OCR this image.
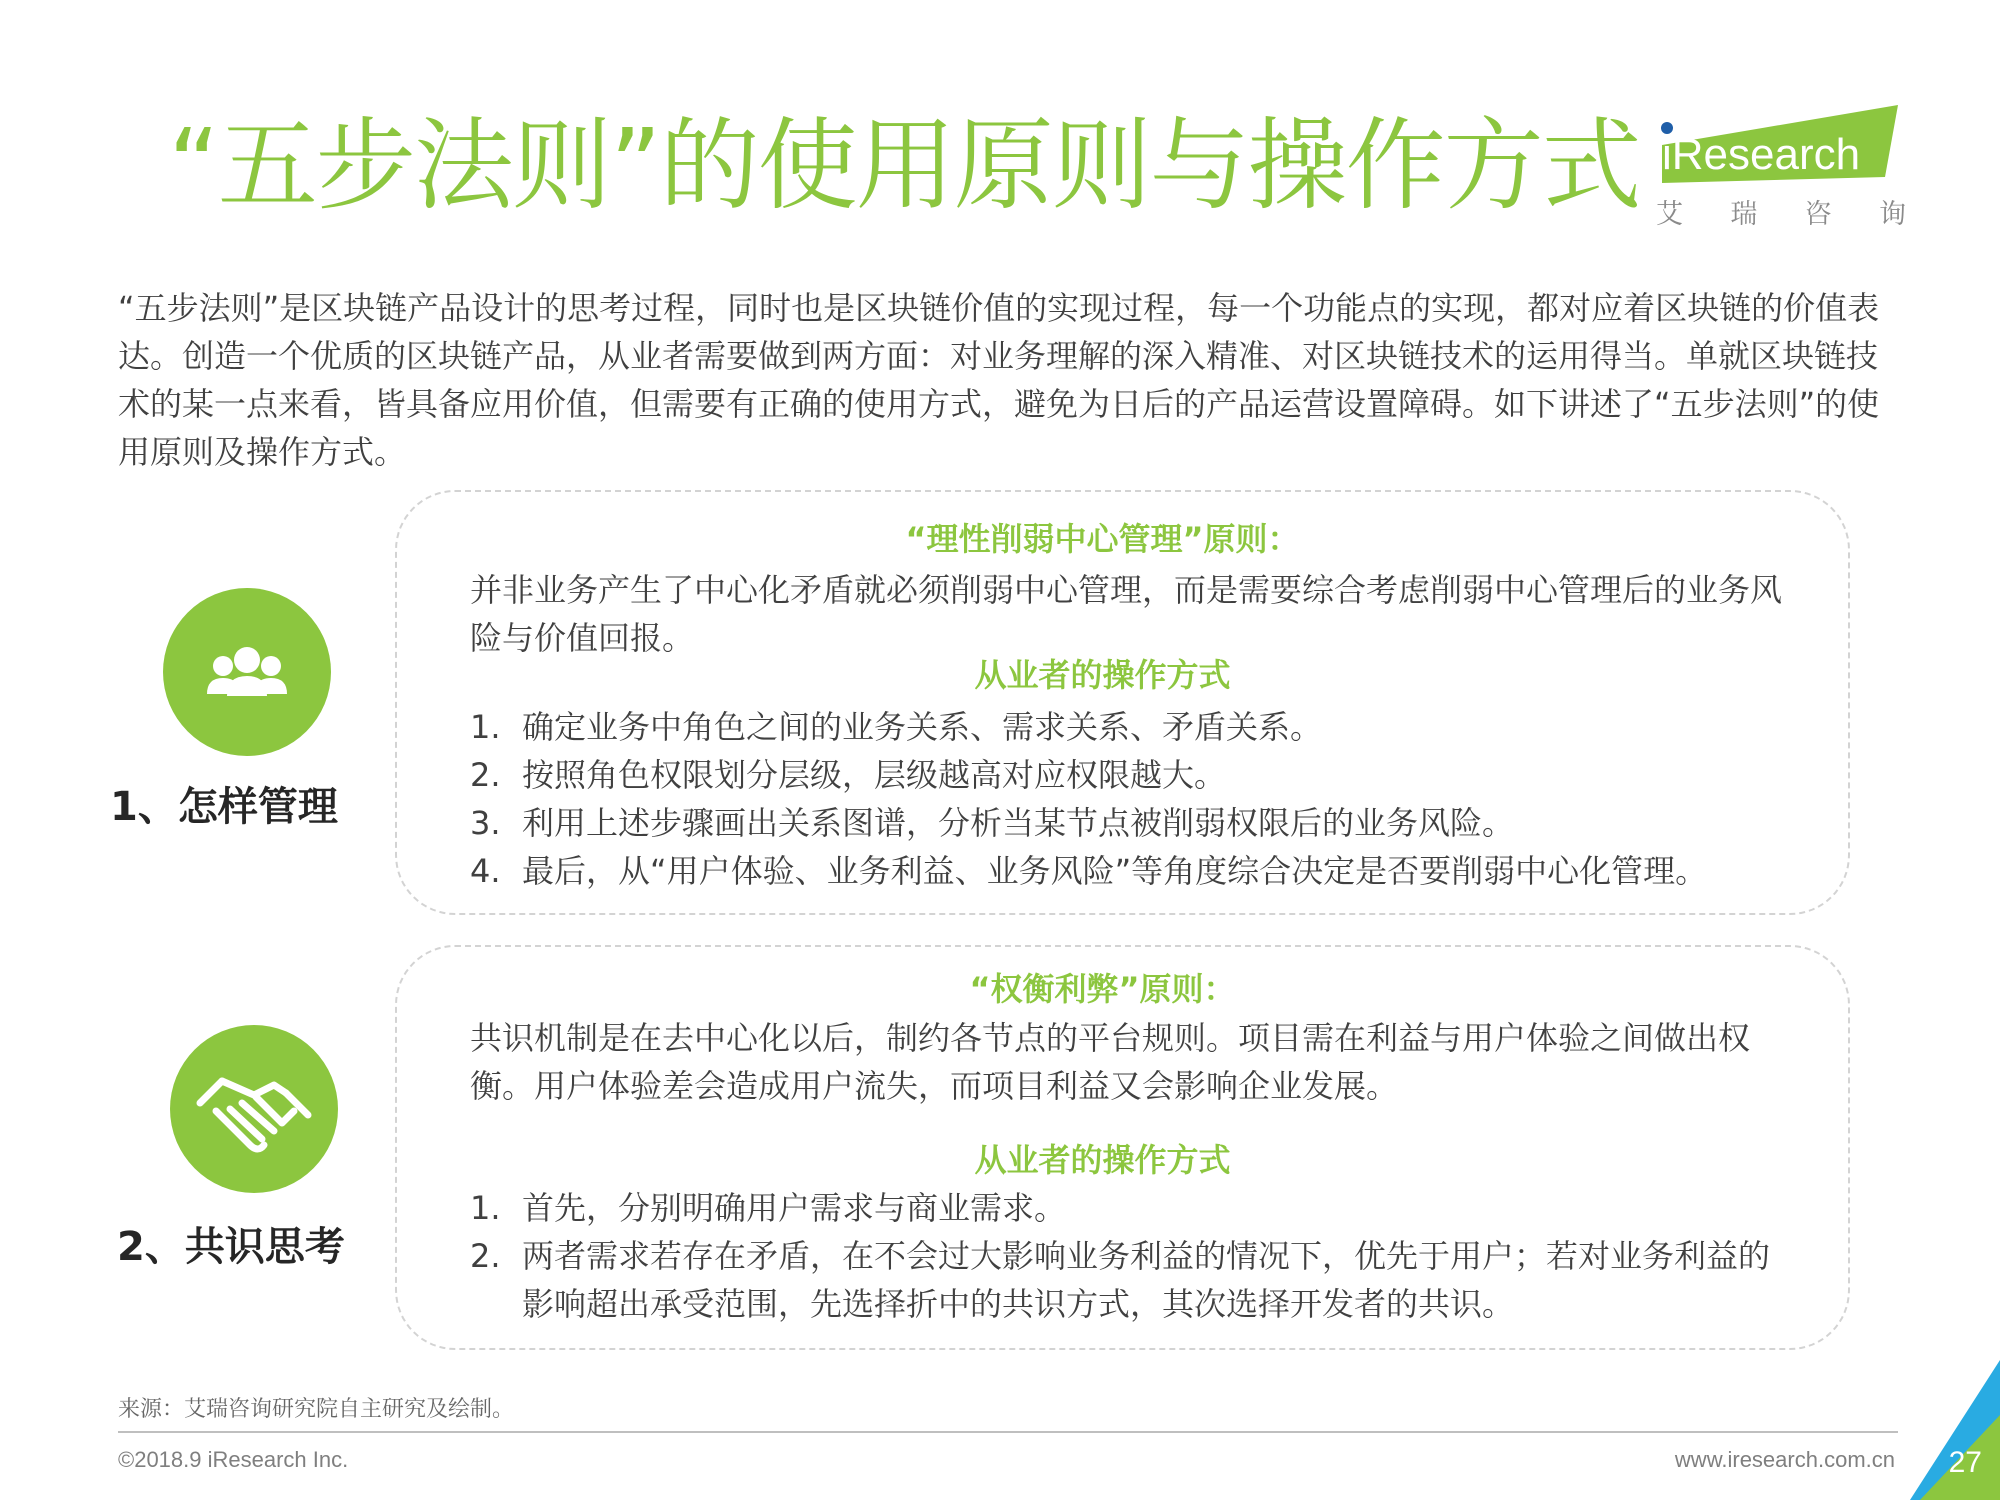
“五步法则”的使用原则与操作方式 iResearch
艾 瑞 咨 询
“五步法则”是区块链产品设计的思考过程，同时也是区块链价值的实现过程，每一个功能点的实现，都对应着区块链的价值表达。创造一个优质的区块链产品，从业者需要做到两方面：对业务理解的深入精准、对区块链技术的运用得当。单就区块链技术的某一点来看，皆具备应用价值，但需要有正确的使用方式，避免为日后的产品运营设置障碍。如下讲述了“五步法则”的使用原则及操作方式。
1、怎样管理
“理性削弱中心管理”原则：
并非业务产生了中心化矛盾就必须削弱中心管理，而是需要综合考虑削弱中心管理后的业务风险与价值回报。
从业者的操作方式
1. 确定业务中角色之间的业务关系、需求关系、矛盾关系。
2. 按照角色权限划分层级，层级越高对应权限越大。
3. 利用上述步骤画出关系图谱，分析当某节点被削弱权限后的业务风险。
4. 最后，从“用户体验、业务利益、业务风险”等角度综合决定是否要削弱中心化管理。
2、共识思考
“权衡利弊”原则：
共识机制是在去中心化以后，制约各节点的平台规则。项目需在利益与用户体验之间做出权衡。用户体验差会造成用户流失，而项目利益又会影响企业发展。
从业者的操作方式
1. 首先，分别明确用户需求与商业需求。
2. 两者需求若存在矛盾，在不会过大影响业务利益的情况下，优先于用户；若对业务利益的影响超出承受范围，先选择折中的共识方式，其次选择开发者的共识。
来源：艾瑞咨询研究院自主研究及绘制。
©2018.9 iResearch Inc.	www.iresearch.com.cn 27
